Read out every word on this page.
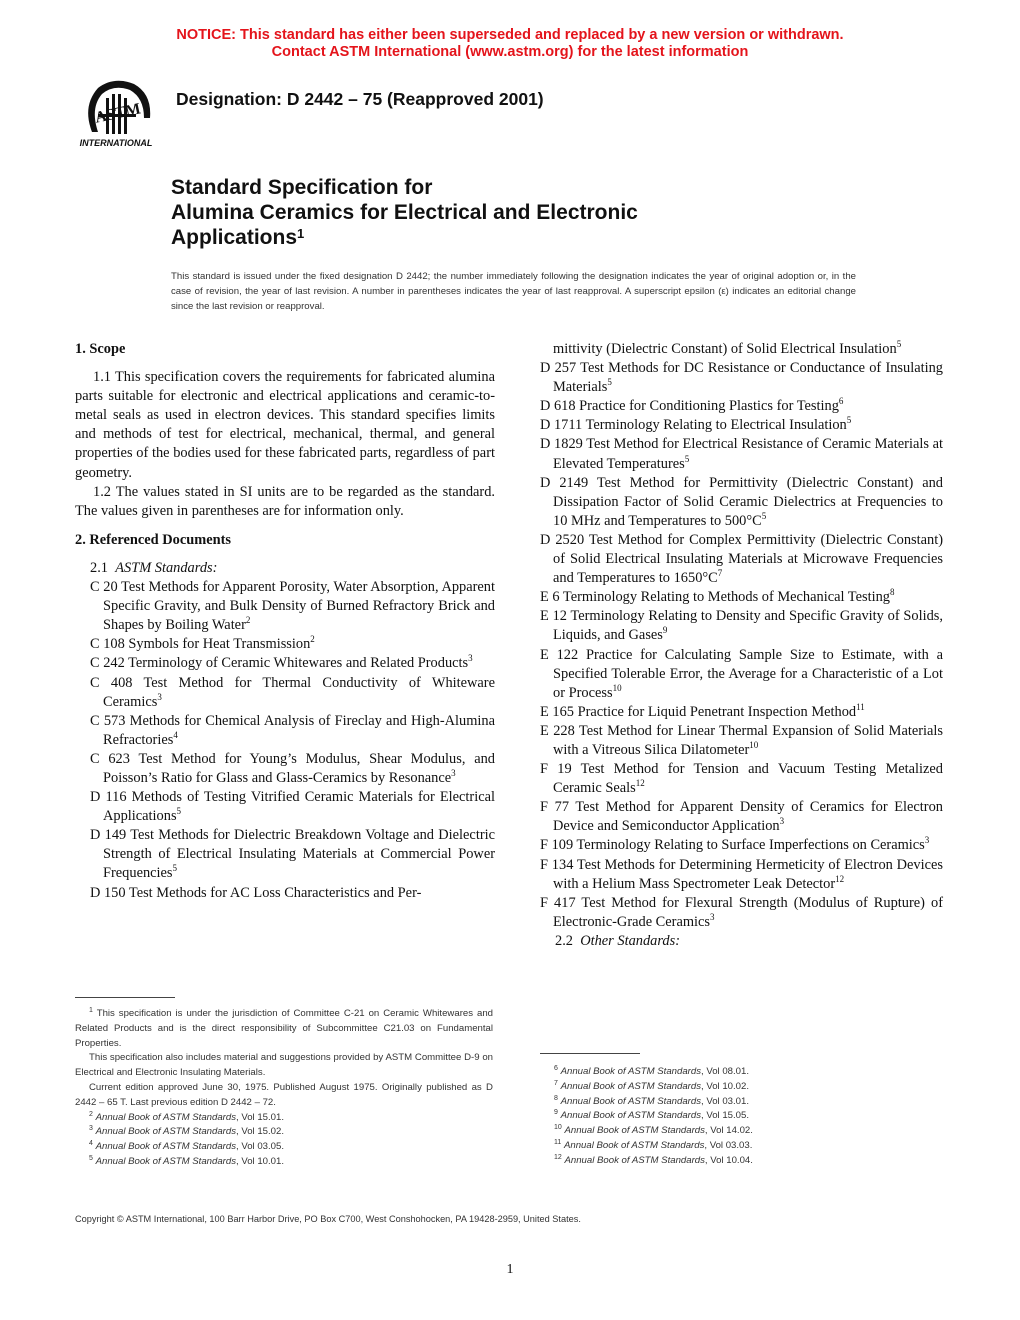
NOTICE: This standard has either been superseded and replaced by a new version or withdrawn.
Contact ASTM International (www.astm.org) for the latest information
ASTM
INTERNATIONAL
Designation: D 2442 – 75 (Reapproved 2001)
Standard Specification for
Alumina Ceramics for Electrical and Electronic
Applications$^1$
This standard is issued under the fixed designation D 2442; the number immediately following the designation indicates the year of original adoption or, in the case of revision, the year of last revision. A number in parentheses indicates the year of last reapproval. A superscript epsilon (ε) indicates an editorial change since the last revision or reapproval.
1. Scope

1.1 This specification covers the requirements for fabricated alumina parts suitable for electronic and electrical applications and ceramic-to-metal seals as used in electron devices. This standard specifies limits and methods of test for electrical, mechanical, thermal, and general properties of the bodies used for these fabricated parts, regardless of part geometry.

1.2 The values stated in SI units are to be regarded as the standard. The values given in parentheses are for information only.

2. Referenced Documents

2.1 ASTM Standards:

C 20 Test Methods for Apparent Porosity, Water Absorption, Apparent Specific Gravity, and Bulk Density of Burned Refractory Brick and Shapes by Boiling Water$^2$

C 108 Symbols for Heat Transmission$^2$

C 242 Terminology of Ceramic Whitewares and Related Products$^3$

C 408 Test Method for Thermal Conductivity of Whiteware Ceramics$^3$

C 573 Methods for Chemical Analysis of Fireclay and High-Alumina Refractories$^4$

C 623 Test Method for Young’s Modulus, Shear Modulus, and Poisson’s Ratio for Glass and Glass-Ceramics by Resonance$^3$

D 116 Methods of Testing Vitrified Ceramic Materials for Electrical Applications$^5$

D 149 Test Methods for Dielectric Breakdown Voltage and Dielectric Strength of Electrical Insulating Materials at Commercial Power Frequencies$^5$

D 150 Test Methods for AC Loss Characteristics and Per-

mittivity (Dielectric Constant) of Solid Electrical Insulation$^5$

D 257 Test Methods for DC Resistance or Conductance of Insulating Materials$^5$

D 618 Practice for Conditioning Plastics for Testing$^6$

D 1711 Terminology Relating to Electrical Insulation$^5$

D 1829 Test Method for Electrical Resistance of Ceramic Materials at Elevated Temperatures$^5$

D 2149 Test Method for Permittivity (Dielectric Constant) and Dissipation Factor of Solid Ceramic Dielectrics at Frequencies to 10 MHz and Temperatures to $500^\circ C^5$

D 2520 Test Method for Complex Permittivity (Dielectric Constant) of Solid Electrical Insulating Materials at Microwave Frequencies and Temperatures to $1650^\circ C^7$

E 6 Terminology Relating to Methods of Mechanical Testing$^8$

E 12 Terminology Relating to Density and Specific Gravity of Solids, Liquids, and Gases$^9$

E 122 Practice for Calculating Sample Size to Estimate, with a Specified Tolerable Error, the Average for a Characteristic of a Lot or Process$^{10}$

E 165 Practice for Liquid Penetrant Inspection Method$^{11}$

E 228 Test Method for Linear Thermal Expansion of Solid Materials with a Vitreous Silica Dilatometer$^{10}$

F 19 Test Method for Tension and Vacuum Testing Metalized Ceramic Seals$^{12}$

F 77 Test Method for Apparent Density of Ceramics for Electron Device and Semiconductor Application$^3$

F 109 Terminology Relating to Surface Imperfections on Ceramics$^3$

F 134 Test Methods for Determining Hermeticity of Electron Devices with a Helium Mass Spectrometer Leak Detector$^{12}$

F 417 Test Method for Flexural Strength (Modulus of Rupture) of Electronic-Grade Ceramics$^3$

2.2 Other Standards:

$^1$ This specification is under the jurisdiction of Committee C-21 on Ceramic Whitewares and Related Products and is the direct responsibility of Subcommittee C21.03 on Fundamental Properties.

This specification also includes material and suggestions provided by ASTM Committee D-9 on Electrical and Electronic Insulating Materials.

Current edition approved June 30, 1975. Published August 1975. Originally published as D 2442 – 65 T. Last previous edition D 2442 – 72.

$^2$ Annual Book of ASTM Standards, Vol 15.01.

$^3$ Annual Book of ASTM Standards, Vol 15.02.

$^4$ Annual Book of ASTM Standards, Vol 03.05.

$^5$ Annual Book of ASTM Standards, Vol 10.01.

$^6$ Annual Book of ASTM Standards, Vol 08.01.

$^7$ Annual Book of ASTM Standards, Vol 10.02.

$^8$ Annual Book of ASTM Standards, Vol 03.01.

$^9$ Annual Book of ASTM Standards, Vol 15.05.

$^{10}$ Annual Book of ASTM Standards, Vol 14.02.

$^{11}$ Annual Book of ASTM Standards, Vol 03.03.

$^{12}$ Annual Book of ASTM Standards, Vol 10.04.

Copyright © ASTM International, 100 Barr Harbor Drive, PO Box C700, West Conshohocken, PA 19428-2959, United States.
1
